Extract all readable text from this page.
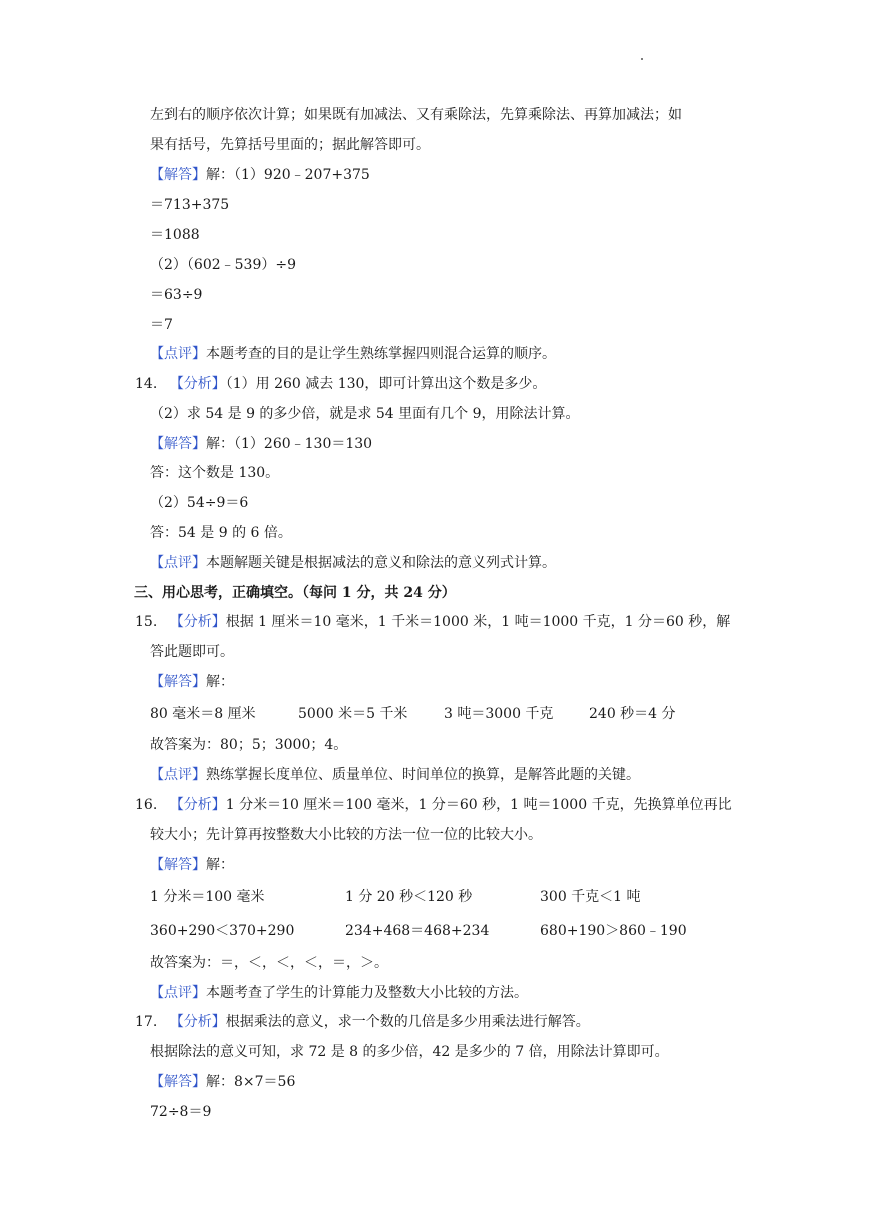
左到右的顺序依次计算；如果既有加减法、又有乘除法，先算乘除法、再算加减法；如
果有括号，先算括号里面的；据此解答即可。
【解答】解：（1）920﹣207+375
＝713+375
＝1088
（2）（602﹣539）÷9
＝63÷9
＝7
【点评】本题考查的目的是让学生熟练掌握四则混合运算的顺序。
14. 【分析】（1）用 260 减去 130，即可计算出这个数是多少。
（2）求 54 是 9 的多少倍，就是求 54 里面有几个 9，用除法计算。
【解答】解：（1）260﹣130＝130
答：这个数是 130。
（2）54÷9＝6
答：54 是 9 的 6 倍。
【点评】本题解题关键是根据减法的意义和除法的意义列式计算。
三、用心思考，正确填空。（每问 1 分，共 24 分）
15. 【分析】根据 1 厘米＝10 毫米，1 千米＝1000 米，1 吨＝1000 千克，1 分＝60 秒，解
答此题即可。
【解答】解：
80 毫米＝8 厘米	5000 米＝5 千米	3 吨＝3000 千克	240 秒＝4 分
故答案为：80；5；3000；4。
【点评】熟练掌握长度单位、质量单位、时间单位的换算，是解答此题的关键。
16. 【分析】1 分米＝10 厘米＝100 毫米，1 分＝60 秒，1 吨＝1000 千克，先换算单位再比
较大小；先计算再按整数大小比较的方法一位一位的比较大小。
【解答】解：
1 分米＝100 毫米	1 分 20 秒＜120 秒	300 千克＜1 吨
360+290＜370+290	234+468＝468+234	680+190＞860﹣190
故答案为：＝，＜，＜，＜，＝，＞。
【点评】本题考查了学生的计算能力及整数大小比较的方法。
17. 【分析】根据乘法的意义，求一个数的几倍是多少用乘法进行解答。
根据除法的意义可知，求 72 是 8 的多少倍，42 是多少的 7 倍，用除法计算即可。
【解答】解：8×7＝56
72÷8＝9
